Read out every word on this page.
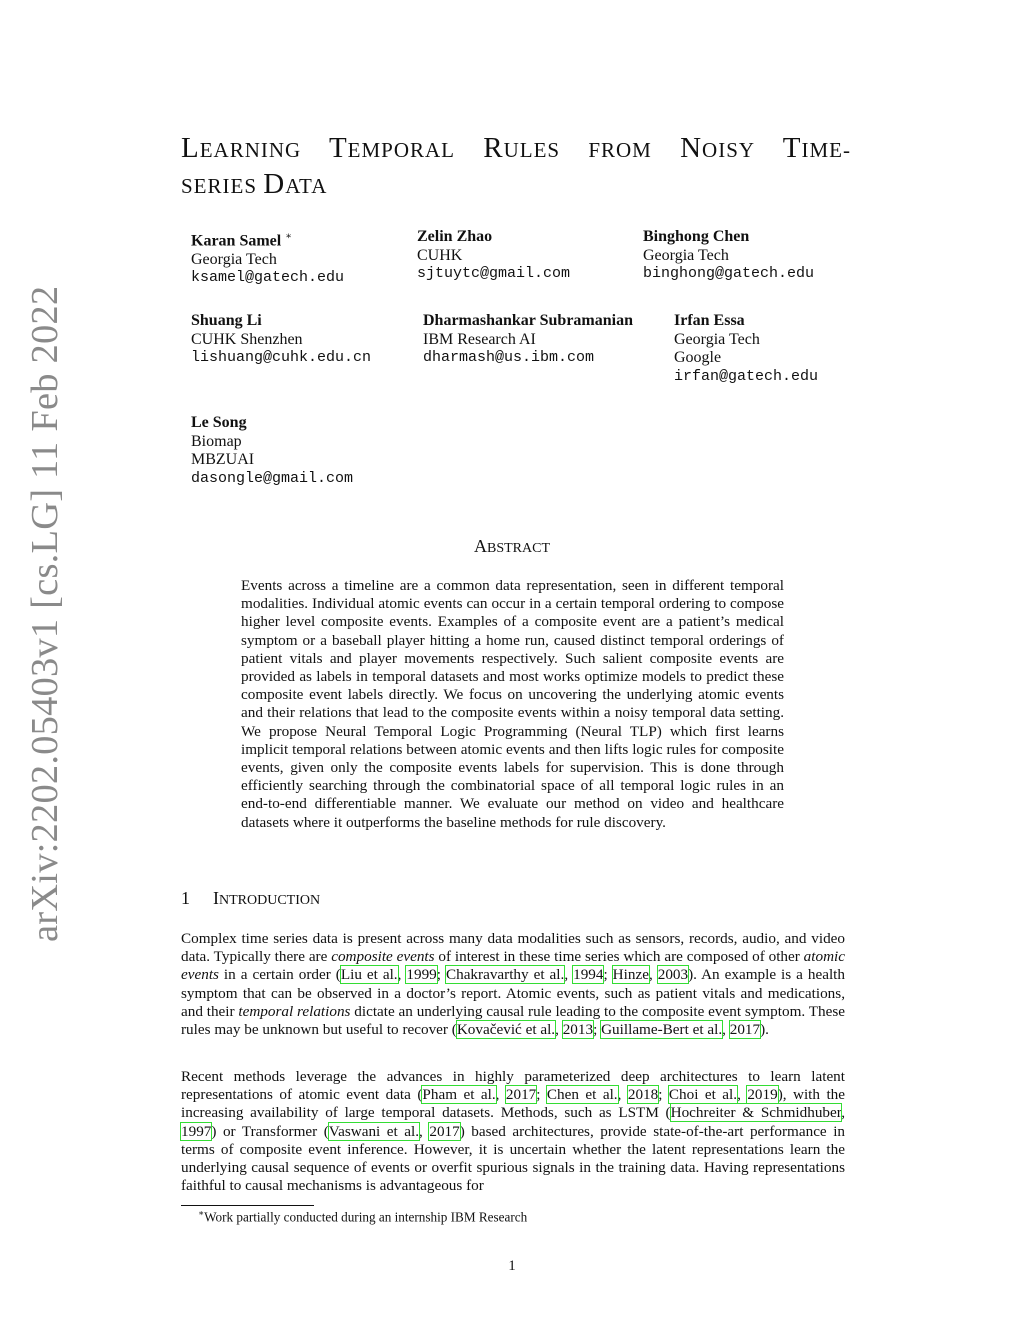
arXiv:2202.05403v1 [cs.LG] 11 Feb 2022
LEARNING TEMPORAL RULES FROM NOISY TIME-
SERIES DATA
Karan Samel ∗
Georgia Tech
ksamel@gatech.edu
Zelin Zhao
CUHK
sjtuytc@gmail.com
Binghong Chen
Georgia Tech
binghong@gatech.edu
Shuang Li
CUHK Shenzhen
lishuang@cuhk.edu.cn
Dharmashankar Subramanian
IBM Research AI
dharmash@us.ibm.com
Irfan Essa
Georgia Tech
Google
irfan@gatech.edu
Le Song
Biomap
MBZUAI
dasongle@gmail.com
ABSTRACT
Events across a timeline are a common data representation, seen in different temporal modalities. Individual atomic events can occur in a certain temporal ordering to compose higher level composite events. Examples of a composite event are a patient’s medical symptom or a baseball player hitting a home run, caused distinct temporal orderings of patient vitals and player movements respectively. Such salient composite events are provided as labels in temporal datasets and most works optimize models to predict these composite event labels directly. We focus on uncovering the underlying atomic events and their relations that lead to the composite events within a noisy temporal data setting. We propose Neural Temporal Logic Programming (Neural TLP) which first learns implicit temporal relations between atomic events and then lifts logic rules for composite events, given only the composite events labels for supervision. This is done through efficiently searching through the combinatorial space of all temporal logic rules in an end-to-end differentiable manner. We evaluate our method on video and healthcare datasets where it outperforms the baseline methods for rule discovery.
1 INTRODUCTION
Complex time series data is present across many data modalities such as sensors, records, audio, and video data. Typically there are composite events of interest in these time series which are composed of other atomic events in a certain order (Liu et al., 1999; Chakravarthy et al., 1994; Hinze, 2003). An example is a health symptom that can be observed in a doctor’s report. Atomic events, such as patient vitals and medications, and their temporal relations dictate an underlying causal rule leading to the composite event symptom. These rules may be unknown but useful to recover (Kovačević et al., 2013; Guillame-Bert et al., 2017).
Recent methods leverage the advances in highly parameterized deep architectures to learn latent representations of atomic event data (Pham et al., 2017; Chen et al., 2018; Choi et al., 2019), with the increasing availability of large temporal datasets. Methods, such as LSTM (Hochreiter & Schmidhuber, 1997) or Transformer (Vaswani et al., 2017) based architectures, provide state-of-the-art performance in terms of composite event inference. However, it is uncertain whether the latent representations learn the underlying causal sequence of events or overfit spurious signals in the training data. Having representations faithful to causal mechanisms is advantageous for
∗Work partially conducted during an internship IBM Research
1
